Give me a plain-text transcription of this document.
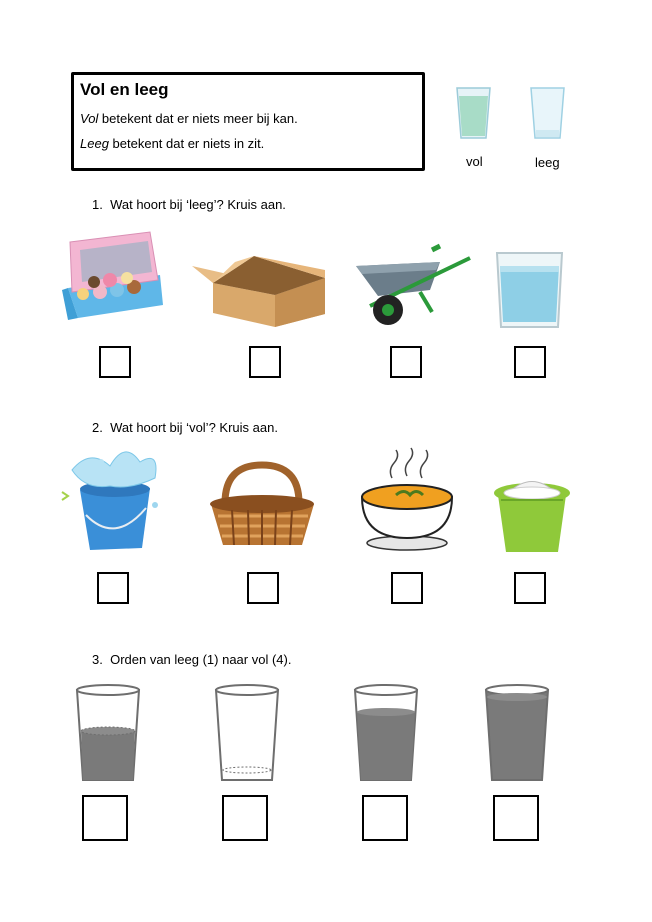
Vol en leeg
Vol betekent dat er niets meer bij kan.
Leeg betekent dat er niets in zit.
vol	leeg
1. Wat hoort bij ‘leeg’? Kruis aan.
2. Wat hoort bij ‘vol’? Kruis aan.
3. Orden van leeg (1) naar vol (4).
